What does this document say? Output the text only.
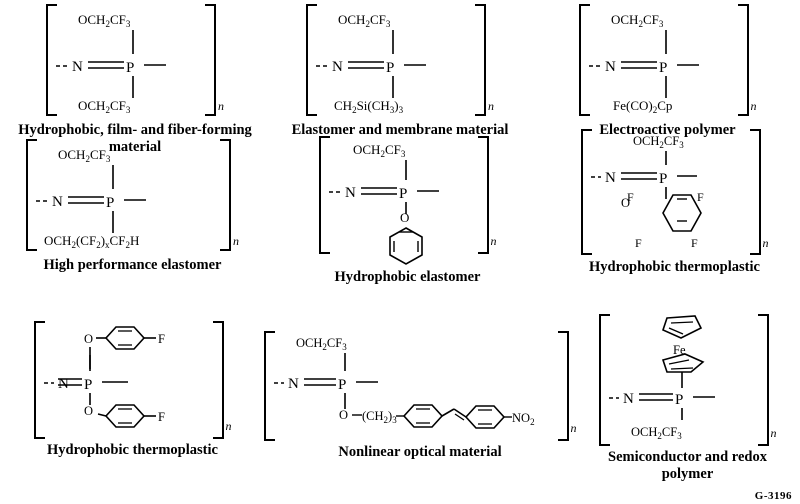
$OCH_2CF_3$
N	P
$OCH_2CF_3$	n
Hydrophobic, film- and fiber-forming material
$OCH_2CF_3$
N	P
$CH_2Si(CH_3)_3$	n
Elastomer and membrane material
$OCH_2CF_3$
N	P
$Fe(CO)_2Cp$	n
Electroactive polymer
$OCH_2CF_3$
N	P
$OCH_2(CF_2)_xCF_2H$	n
High performance elastomer
$OCH_2CF_3$
N	P
O
n
Hydrophobic elastomer
$OCH_2CF_3$
N	P
O
F	F
F	F	n
Hydrophobic thermoplastic
F
O
N P
O	F
n
Hydrophobic thermoplastic
$OCH_2CF_3$
N	P
O $(CH_2)_3$	$NO_2$	n
Nonlinear optical material
Fe
N	P
$OCH_2CF_3$	n
Semiconductor and redox polymer
G-3196
